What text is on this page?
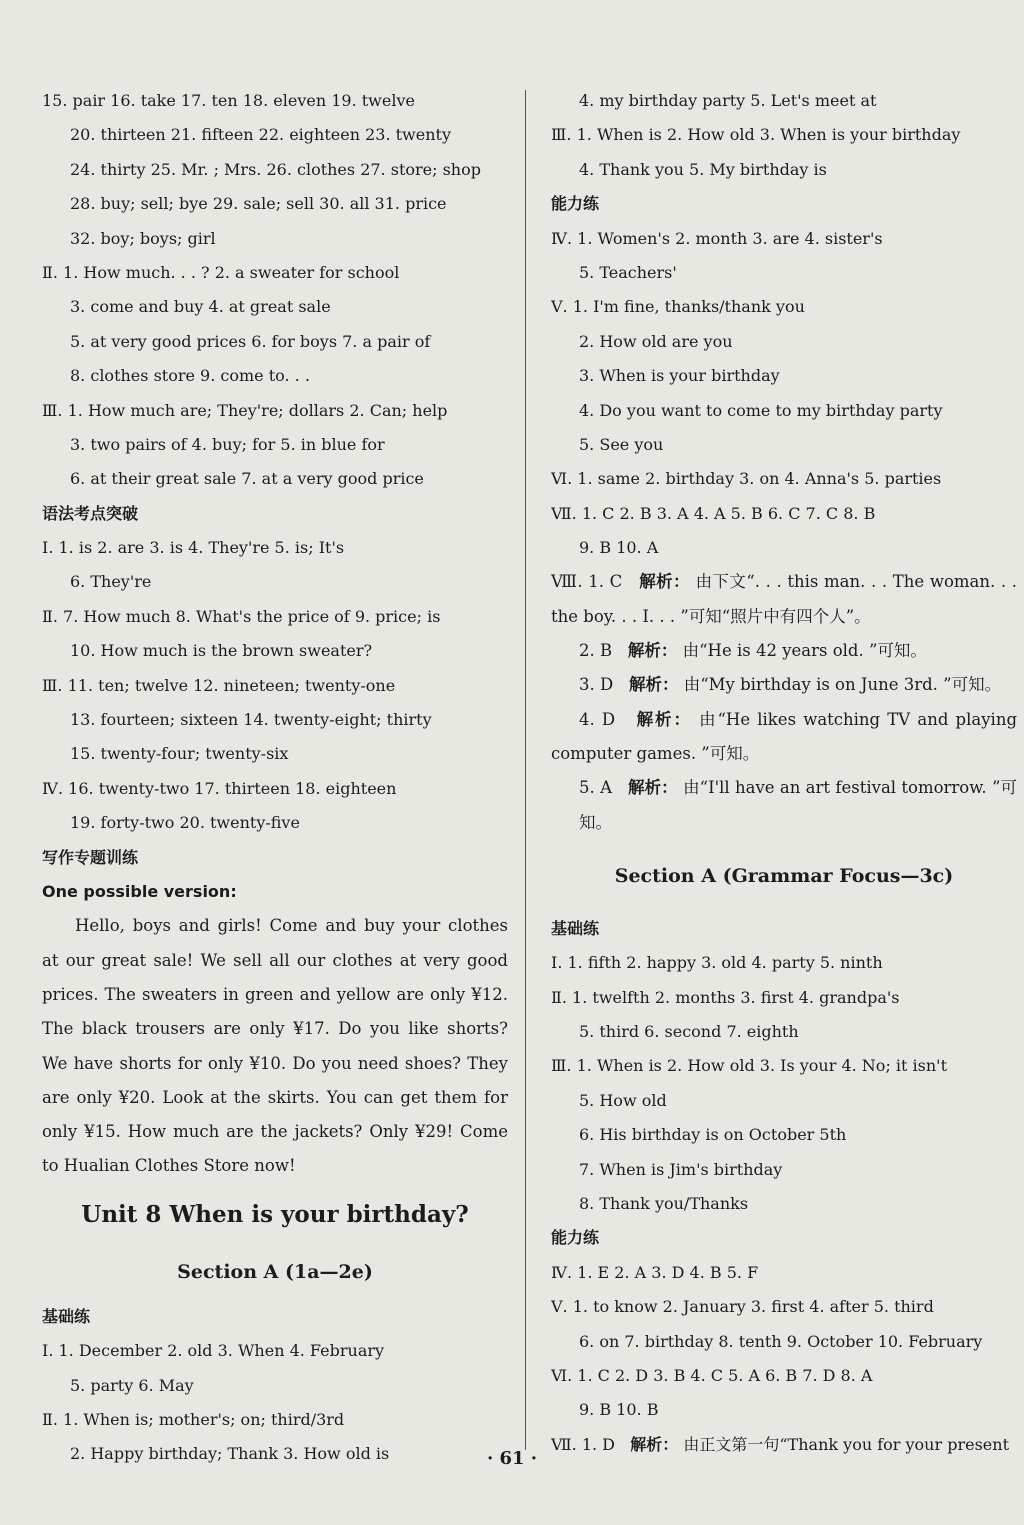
15. pair 16. take 17. ten 18. eleven 19. twelve
20. thirteen 21. fifteen 22. eighteen 23. twenty
24. thirty 25. Mr. ; Mrs. 26. clothes 27. store; shop
28. buy; sell; bye 29. sale; sell 30. all 31. price
32. boy; boys; girl
Ⅱ. 1. How much. . . ? 2. a sweater for school
3. come and buy 4. at great sale
5. at very good prices 6. for boys 7. a pair of
8. clothes store 9. come to. . .
Ⅲ. 1. How much are; They're; dollars 2. Can; help
3. two pairs of 4. buy; for 5. in blue for
6. at their great sale 7. at a very good price
语法考点突破
Ⅰ. 1. is 2. are 3. is 4. They're 5. is; It's
6. They're
Ⅱ. 7. How much 8. What's the price of 9. price; is
10. How much is the brown sweater?
Ⅲ. 11. ten; twelve 12. nineteen; twenty-one
13. fourteen; sixteen 14. twenty-eight; thirty
15. twenty-four; twenty-six
Ⅳ. 16. twenty-two 17. thirteen 18. eighteen
19. forty-two 20. twenty-five
写作专题训练
One possible version:

Hello, boys and girls! Come and buy your clothes at our great sale! We sell all our clothes at very good prices. The sweaters in green and yellow are only ¥12. The black trousers are only ¥17. Do you like shorts? We have shorts for only ¥10. Do you need shoes? They are only ¥20. Look at the skirts. You can get them for only ¥15. How much are the jackets? Only ¥29! Come to Hualian Clothes Store now!

Unit 8 When is your birthday?
Section A (1a—2e)
基础练
Ⅰ. 1. December 2. old 3. When 4. February
5. party 6. May
Ⅱ. 1. When is; mother's; on; third/3rd
2. Happy birthday; Thank 3. How old is
4. my birthday party 5. Let's meet at
Ⅲ. 1. When is 2. How old 3. When is your birthday
4. Thank you 5. My birthday is
能力练
Ⅳ. 1. Women's 2. month 3. are 4. sister's
5. Teachers'
Ⅴ. 1. I'm fine, thanks/thank you
2. How old are you
3. When is your birthday
4. Do you want to come to my birthday party
5. See you
Ⅵ. 1. same 2. birthday 3. on 4. Anna's 5. parties
Ⅶ. 1. C 2. B 3. A 4. A 5. B 6. C 7. C 8. B
9. B 10. A
Ⅷ. 1. C 解析： 由下文“. . . this man. . . The woman. . . the boy. . . I. . . ”可知“照片中有四个人”。
2. B 解析： 由“He is 42 years old. ”可知。
3. D 解析： 由“My birthday is on June 3rd. ”可知。
4. D 解析： 由“He likes watching TV and playing computer games. ”可知。
5. A 解析： 由“I'll have an art festival tomorrow. ”可知。
Section A (Grammar Focus—3c)
基础练
Ⅰ. 1. fifth 2. happy 3. old 4. party 5. ninth
Ⅱ. 1. twelfth 2. months 3. first 4. grandpa's
5. third 6. second 7. eighth
Ⅲ. 1. When is 2. How old 3. Is your 4. No; it isn't
5. How old
6. His birthday is on October 5th
7. When is Jim's birthday
8. Thank you/Thanks
能力练
Ⅳ. 1. E 2. A 3. D 4. B 5. F
Ⅴ. 1. to know 2. January 3. first 4. after 5. third
6. on 7. birthday 8. tenth 9. October 10. February
Ⅵ. 1. C 2. D 3. B 4. C 5. A 6. B 7. D 8. A
9. B 10. B
Ⅶ. 1. D 解析： 由正文第一句“Thank you for your present
· 61 ·
